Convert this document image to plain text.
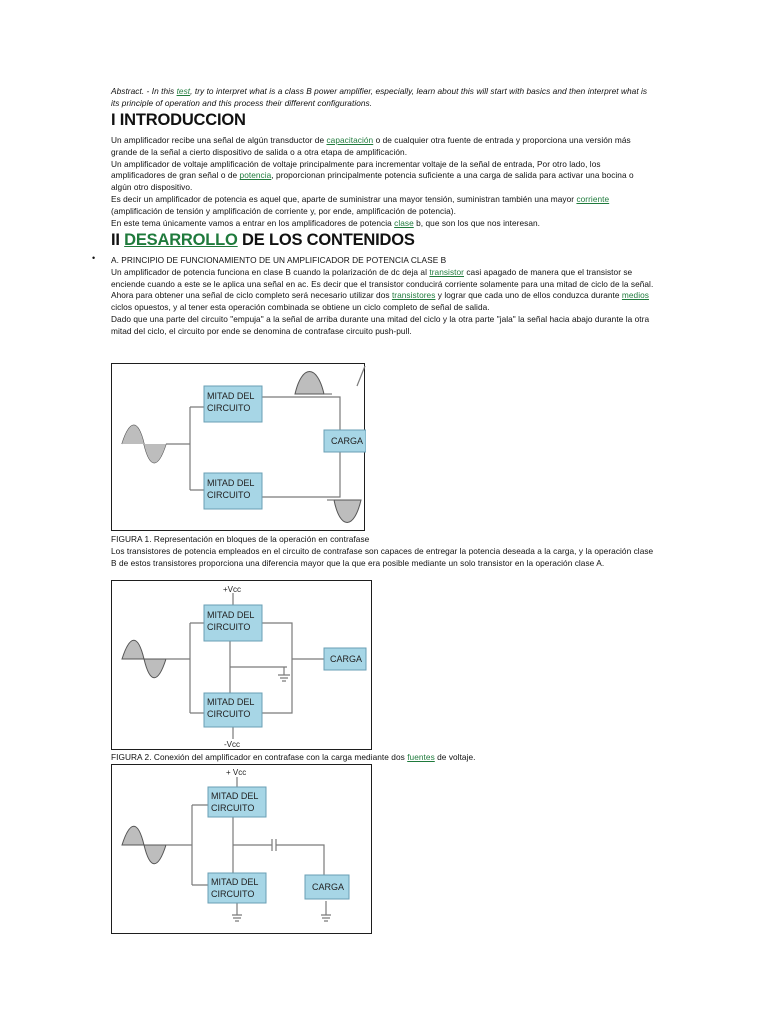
Abstract. - In this test, try to interpret what is a class B power amplifier, especially, learn about this will start with basics and then interpret what is its principle of operation and this process their different configurations.
I INTRODUCCION
Un amplificador recibe una señal de algún transductor de capacitación o de cualquier otra fuente de entrada y proporciona una versión más grande de la señal a cierto dispositivo de salida o a otra etapa de amplificación.
Un amplificador de voltaje amplificación de voltaje principalmente para incrementar voltaje de la señal de entrada, Por otro lado, los amplificadores de gran señal o de potencia, proporcionan principalmente potencia suficiente a una carga de salida para activar una bocina o algún otro dispositivo.
Es decir un amplificador de potencia es aquel que, aparte de suministrar una mayor tensión, suministran también una mayor corriente (amplificación de tensión y amplificación de corriente y, por ende, amplificación de potencia).
En este tema únicamente vamos a entrar en los amplificadores de potencia clase b, que son los que nos interesan.
II DESARROLLO DE LOS CONTENIDOS
• A. PRINCIPIO DE FUNCIONAMIENTO DE UN AMPLIFICADOR DE POTENCIA CLASE B
Un amplificador de potencia funciona en clase B cuando la polarización de dc deja al transistor casi apagado de manera que el transistor se enciende cuando a este se le aplica una señal en ac. Es decir que el transistor conducirá corriente solamente para una mitad de ciclo de la señal.
Ahora para obtener una señal de ciclo completo será necesario utilizar dos transistores y lograr que cada uno de ellos conduzca durante medios ciclos opuestos, y al tener esta operación combinada se obtiene un ciclo completo de señal de salida.
Dado que una parte del circuito "empuja" a la señal de arriba durante una mitad del ciclo y la otra parte "jala" la señal hacia abajo durante la otra mitad del ciclo, el circuito por ende se denomina de contrafase circuito push-pull.
MITAD DEL
CIRCUITO
MITAD DEL
CIRCUITO
CARGA
FIGURA 1. Representación en bloques de la operación en contrafase
Los transistores de potencia empleados en el circuito de contrafase son capaces de entregar la potencia deseada a la carga, y la operación clase B de estos transistores proporciona una diferencia mayor que la que era posible mediante un solo transistor en la operación clase A.
MITAD DEL
CIRCUITO
MITAD DEL
CIRCUITO
CARGA
+Vcc
-Vcc
FIGURA 2. Conexión del amplificador en contrafase con la carga mediante dos fuentes de voltaje.
MITAD DEL
CIRCUITO
MITAD DEL
CIRCUITO
CARGA
+ Vcc
